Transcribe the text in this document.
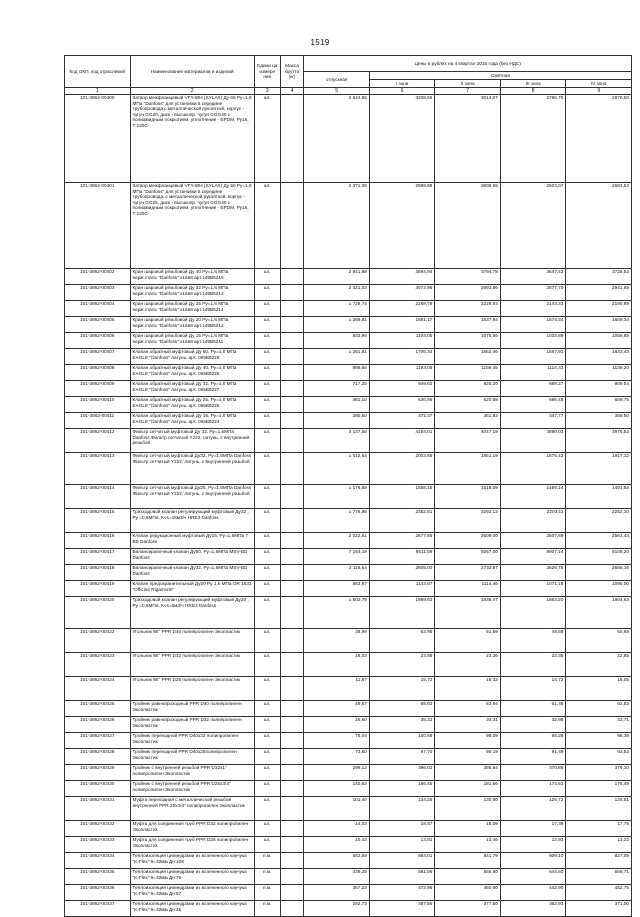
1519
Код ОКП, код отраслевой	Наименование материалов и изделий	Едини ца измере ния	Масса брутто (кг)	Цены в рублях на 4 квартал 2015 года (без НДС)				
				отпускная	Сметная			
					I зона	II зона	III зона	IV зона
1	2	3	4	5	6	7	8	9
101-3862-00400	Затвор межфланцевый VFY-WH (SYLAX) Ду 65 Ру=1,6 МПа "Danfoss" для установки в середине трубопровода с металлической рукояткой, корпус - чугун GG20, диск - высокопр. чугун GGG40 с полиамидным покрытием, уплотнение - EPDM, Ру16, T 120C	шт.		2 544,55	3208,56	3014,07	2786,70	2879,50
101-3862-00401	Затвор межфланцевый VFY-WH (SYLAX) Ду 50 Ру=1,6 МПа "Danfoss" для установки в середине трубопровода, с металлической рукояткой, корпус - чугун GG25, диск - высокопр. чугун GGG40 с полиамидным покрытием, уплотнение - EPDM, Ру16, T 120C	шт.		2 371,05	2989,88	2808,55	2603,07	2683,53
101-3862-00402	Кран шаровой резьбовой Ду 40 Ру=1,6 МПа нерж.сталь "Danfoss" x1666 арт.149B5215	шт.		2 941,88	3694,94	3794,78	3647,42	3728,52
101-3862-00403	Кран шаровой резьбовой Ду 32 Ру=1,6 МПа нерж.сталь "Danfoss" x1666 арт.149B5213	шт.		2 321,03	3072,96	2993,96	2877,70	2941,69
101-3862-00404	Кран шаровой резьбовой Ду 25 Ру=1,6 МПа нерж.сталь "Danfoss" x1666 арт.149B5214	шт.		1 729,74	2288,78	2229,93	2143,33	2190,99
101-3862-00405	Кран шаровой резьбовой Ду 20 Ру=1,6 МПа нерж.сталь "Danfoss" x1666 арт.149B5212	шт.		1 269,81	1681,17	1637,94	1574,34	1609,34
101-3862-00406	Кран шаровой резьбовой Ду 15 Ру=1,6 МПа нерж.сталь "Danfoss" x1666 арт.149B5211	шт.		833,96	1104,05	1075,66	1033,89	1056,88
101-3862-00407	Клапан обратный муфтовый Ду 50, Ру=1,0 МПа EAGLE "Danfoss" латунь, арт. 065B8229	шт.		1 281,81	1706,34	1662,46	1597,91	1633,43
101-3862-00408	Клапан обратный муфтовый Ду 40, Ру=1,0 МПа EAGLE "Danfoss" латунь, арт. 065B8226	шт.		898,66	1193,05	1159,45	1114,43	1139,20
101-3862-00409	Клапан обратный муфтовый Ду 32, Ру=1,0 МПа EAGLE "Danfoss" латунь, арт. 065B8227	шт.		717,25	949,62	925,20	889,27	909,04
101-3862-00410	Клапан обратный муфтовый Ду 25, Ру=1,0 МПа EAGLE "Danfoss" латунь, арт. 065B8226	шт.		481,10	636,96	620,58	596,48	609,75
101-3862-00411	Клапан обратный муфтовый Ду 15, Ру=1,0 МПа EAGLE "Danfoss" латунь, арт. 065B8224	шт.		280,50	371,37	361,82	347,77	355,50
101-3862-00412	Фильтр сетчатый муфтовый Ду 32, Ру=1,6МПа Danfoss Фильтр сетчатый Y222, латунь, с внутренней резьбой	шт.		3 137,56	4154,01	4047,19	3890,03	3976,52
101-3862-00413	Фильтр сетчатый муфтовый Ду32, Ру=1,6МПа Danfoss Фильтр сетчатый Y222, латунь, с внутренней резьбой	шт.		1 512,64	2002,68	1951,19	1875,42	1917,12
101-3862-00414	Фильтр сетчатый муфтовый Ду25, Ру=1,6МПа Danfoss Фильтр сетчатый Y222, латунь, с внутренней резьбой	шт.		1 176,89	1558,15	1518,09	1459,14	1491,58
101-3862-00415	Трехходовой клапан регулирующий муфтовый Ду32 , Ру =0,6МПа, Kvs=16м3/ч HRE3 Danfoss	шт.		1 776,95	2352,61	2292,12	2203,11	2252,10
101-3862-00416	Клапан редукционный муфтовый Ду15, Ру=1,6МПа 7 BS Danfoss	шт.		2 022,61	2677,85	2609,00	2507,69	2563,44
101-3862-00417	Балансировочный клапан Ду50, Ру=1,6МПа MSV-BD Danfoss	шт.		7 164,19	9511,59	9267,00	8907,14	9105,20
101-3862-00418	Балансировочный клапан Ду32, Ру=1,6МПа MSV-BD Danfoss	шт.		2 116,64	2805,00	2732,87	2626,75	2685,16
101-3862-00419	Клапан предохранительный Ду20 Ру 1,6 МПа OR 1831 "Officine Rigamonti"	шт.		863,97	1143,87	1114,46	1071,18	1095,00
101-3862-00420	Трехходовой клапан регулирующий муфтовый Ду20 , Ру =0,6МПа, Kvs=6м3/ч HRE3 Danfoss	шт.		1 502,79	1989,63	1938,47	1863,20	1904,63
101-3862-00422	Угольник 90° PPR D40 полипропилен Экопластик	шт.		38,99	52,95	51,59	49,58	50,68
101-3862-00423	Угольник 90° PPR D32 полипропилен Экопластик	шт.		18,03	23,88	23,26	22,35	22,85
101-3862-00424	Угольник 90° PPR D25 полипропилен Экопластик	шт.		11,87	15,72	15,32	14,72	15,05
101-3862-00425	Тройник равнопроходный PPR D40 полипропилен Экопластик	шт.		49,57	65,63	63,94	61,46	62,82
101-3862-00426	Тройник равнопроходный PPR D32 полипропилен Экопластик	шт.		26,60	35,22	34,31	32,98	33,71
101-3862-00427	Тройник переходной PPR D40x32 полипропилен Экопластик	шт.		76,04	100,68	98,09	94,28	96,38
101-3862-00428	Тройник переходной PPR D40x25полипропилен Экопластик	шт.		73,80	97,70	95,19	91,49	93,52
101-3862-00429	Тройник с внутренней резьбой PPR D32x1" полипропилен Экопластик	шт.		299,12	396,02	385,84	370,86	379,10
101-3862-00430	Тройник с внутренней резьбой PPR D25x3/4" полипропилен Экопластик	шт.		140,83	186,45	181,66	174,61	178,49
101-3862-00431	Муфта переходная с металлической резьбой внутренней PPR 25x3/4" полипропилен Экопластик	шт.		101,40	134,25	130,80	125,72	128,51
101-3862-00432	Муфта для соединения труб PPR D32 полипропилен Экопластик	шт.		14,03	18,57	18,09	17,39	17,78
101-3862-00433	Муфта для соединения труб PPR D25 полипропилен Экопластик	шт.		10,43	13,81	13,46	12,93	13,22
101-3862-00434	Теплоизоляция цилиндрами из вспененного каучука "K-Flex" 6=32мм Дн 108	п.м.		652,59	864,01	841,79	809,10	827,09
101-3862-00435	Теплоизоляция цилиндрами из вспененного каучука "K-Flex" 6=32мм Дн 76	п.м.		439,25	581,56	566,60	544,60	556,71
101-3862-00436	Теплоизоляция цилиндрами из вспененного каучука "K-Flex" 6=32мм Дн 57	п.м.		357,23	472,96	460,80	442,90	452,75
101-3862-00437	Теплоизоляция цилиндрами из вспененного каучука "K-Flex" 6=32мм Дн 45	п.м.		292,73	387,56	377,60	362,93	371,00
